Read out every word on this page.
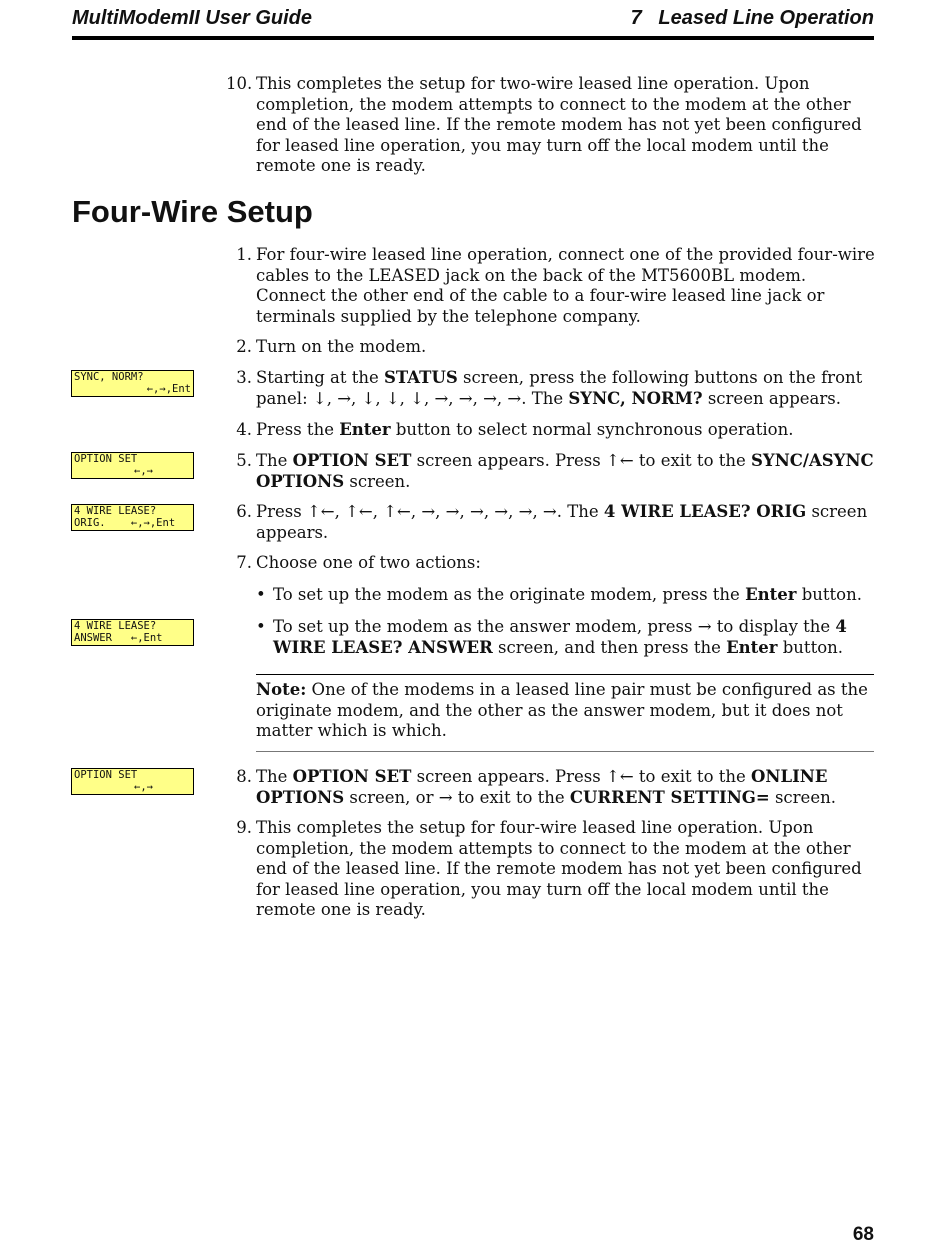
MultiModemII User Guide	7   Leased Line Operation
10. This completes the setup for two-wire leased line operation. Upon completion, the modem attempts to connect to the modem at the other end of the leased line. If the remote modem has not yet been configured for leased line operation, you may turn off the local modem until the remote one is ready.
Four-Wire Setup
1. For four-wire leased line operation, connect one of the provided four-wire cables to the LEASED jack on the back of the MT5600BL modem. Connect the other end of the cable to a four-wire leased line jack or terminals supplied by the telephone company.
2. Turn on the modem.
SYNC, NORM?
←,→,Ent
3. Starting at the STATUS screen, press the following buttons on the front panel: ↓, →, ↓, ↓, ↓, →, →, →, →. The SYNC, NORM? screen appears.
4. Press the Enter button to select normal synchronous operation.
OPTION SET
←,→
5. The OPTION SET screen appears. Press ↑← to exit to the SYNC/ASYNC OPTIONS screen.
4 WIRE LEASE?
ORIG.    ←,→,Ent
6. Press ↑←, ↑←, ↑←, →, →, →, →, →, →. The 4 WIRE LEASE? ORIG screen appears.
7. Choose one of two actions:
• To set up the modem as the originate modem, press the Enter button.
4 WIRE LEASE?
ANSWER   ←,Ent
• To set up the modem as the answer modem, press → to display the 4 WIRE LEASE? ANSWER screen, and then press the Enter button.
Note: One of the modems in a leased line pair must be configured as the originate modem, and the other as the answer modem, but it does not matter which is which.
OPTION SET
←,→
8. The OPTION SET screen appears. Press ↑← to exit to the ONLINE OPTIONS screen, or → to exit to the CURRENT SETTING= screen.
9. This completes the setup for four-wire leased line operation. Upon completion, the modem attempts to connect to the modem at the other end of the leased line. If the remote modem has not yet been configured for leased line operation, you may turn off the local modem until the remote one is ready.
68
